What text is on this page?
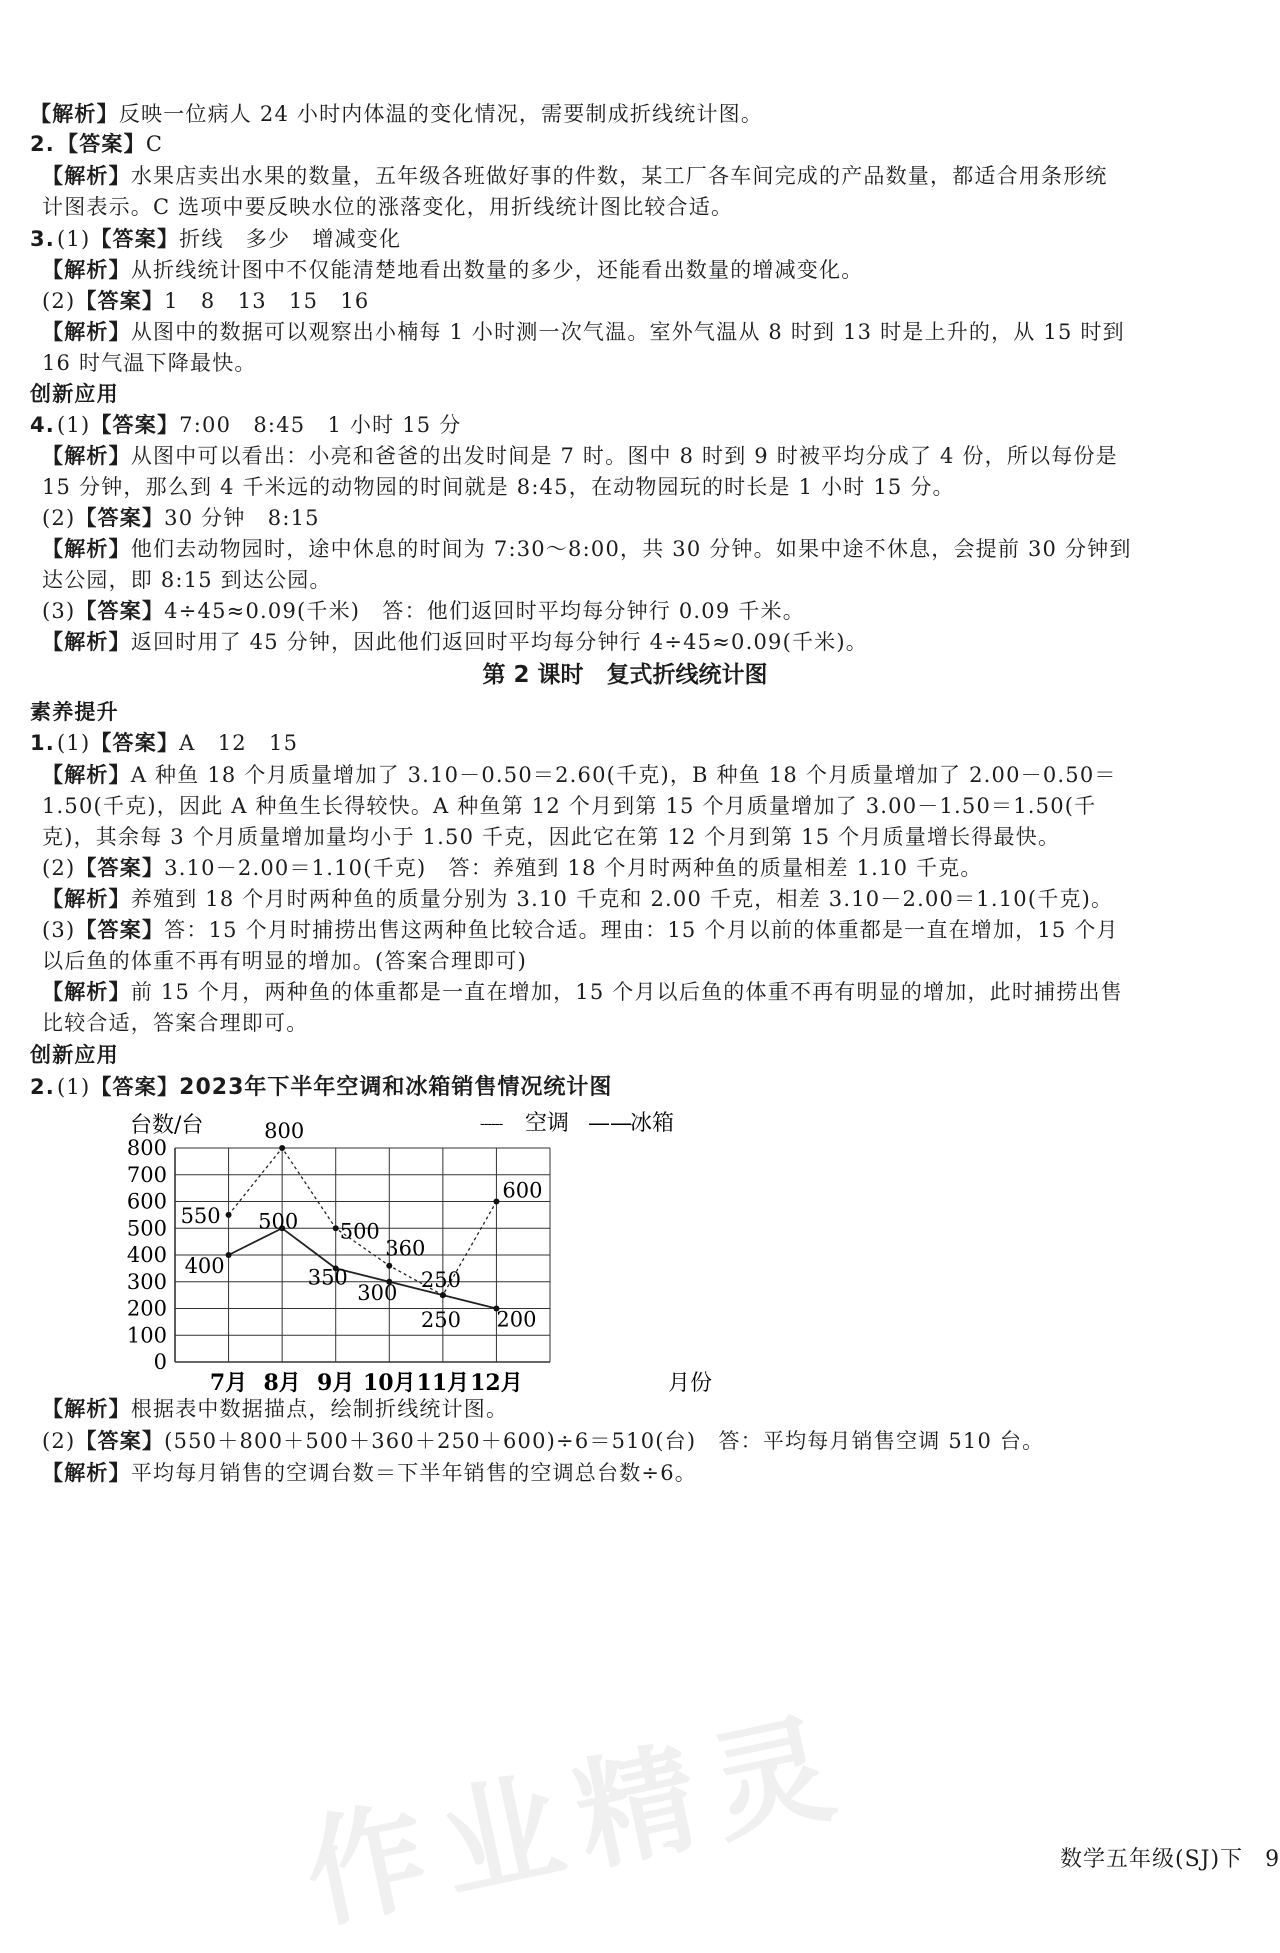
【解析】反映一位病人 24 小时内体温的变化情况，需要制成折线统计图。
2.【答案】C
【解析】水果店卖出水果的数量，五年级各班做好事的件数，某工厂各车间完成的产品数量，都适合用条形统
计图表示。C 选项中要反映水位的涨落变化，用折线统计图比较合适。
3.(1)【答案】折线　多少　增减变化
【解析】从折线统计图中不仅能清楚地看出数量的多少，还能看出数量的增减变化。
(2)【答案】1　8　13　15　16
【解析】从图中的数据可以观察出小楠每 1 小时测一次气温。室外气温从 8 时到 13 时是上升的，从 15 时到
16 时气温下降最快。
创新应用
4.(1)【答案】7:00　8:45　1 小时 15 分
【解析】从图中可以看出：小亮和爸爸的出发时间是 7 时。图中 8 时到 9 时被平均分成了 4 份，所以每份是
15 分钟，那么到 4 千米远的动物园的时间就是 8:45，在动物园玩的时长是 1 小时 15 分。
(2)【答案】30 分钟　8:15
【解析】他们去动物园时，途中休息的时间为 7:30～8:00，共 30 分钟。如果中途不休息，会提前 30 分钟到
达公园，即 8:15 到达公园。
(3)【答案】4÷45≈0.09(千米)　答：他们返回时平均每分钟行 0.09 千米。
【解析】返回时用了 45 分钟，因此他们返回时平均每分钟行 4÷45≈0.09(千米)。
第 2 课时　复式折线统计图
素养提升
1.(1)【答案】A　12　15
【解析】A 种鱼 18 个月质量增加了 3.10－0.50＝2.60(千克)，B 种鱼 18 个月质量增加了 2.00－0.50＝
1.50(千克)，因此 A 种鱼生长得较快。A 种鱼第 12 个月到第 15 个月质量增加了 3.00－1.50＝1.50(千
克)，其余每 3 个月质量增加量均小于 1.50 千克，因此它在第 12 个月到第 15 个月质量增长得最快。
(2)【答案】3.10－2.00＝1.10(千克)　答：养殖到 18 个月时两种鱼的质量相差 1.10 千克。
【解析】养殖到 18 个月时两种鱼的质量分别为 3.10 千克和 2.00 千克，相差 3.10－2.00＝1.10(千克)。
(3)【答案】答：15 个月时捕捞出售这两种鱼比较合适。理由：15 个月以前的体重都是一直在增加，15 个月
以后鱼的体重不再有明显的增加。(答案合理即可)
【解析】前 15 个月，两种鱼的体重都是一直在增加，15 个月以后鱼的体重不再有明显的增加，此时捕捞出售
比较合适，答案合理即可。
创新应用
2.(1)【答案】2023年下半年空调和冰箱销售情况统计图
台数/台	------ 空调 ——
冰箱
0
100
200
300
400
500
600
700
800
7月 8月 9月 10月 11月 12月	月份
550
800
500
360
250
600
400
500
350
300
250 200
【解析】根据表中数据描点，绘制折线统计图。
(2)【答案】(550＋800＋500＋360＋250＋600)÷6＝510(台)　答：平均每月销售空调 510 台。
【解析】平均每月销售的空调台数＝下半年销售的空调总台数÷6。
作业精灵	数学五年级(SJ)下 9
